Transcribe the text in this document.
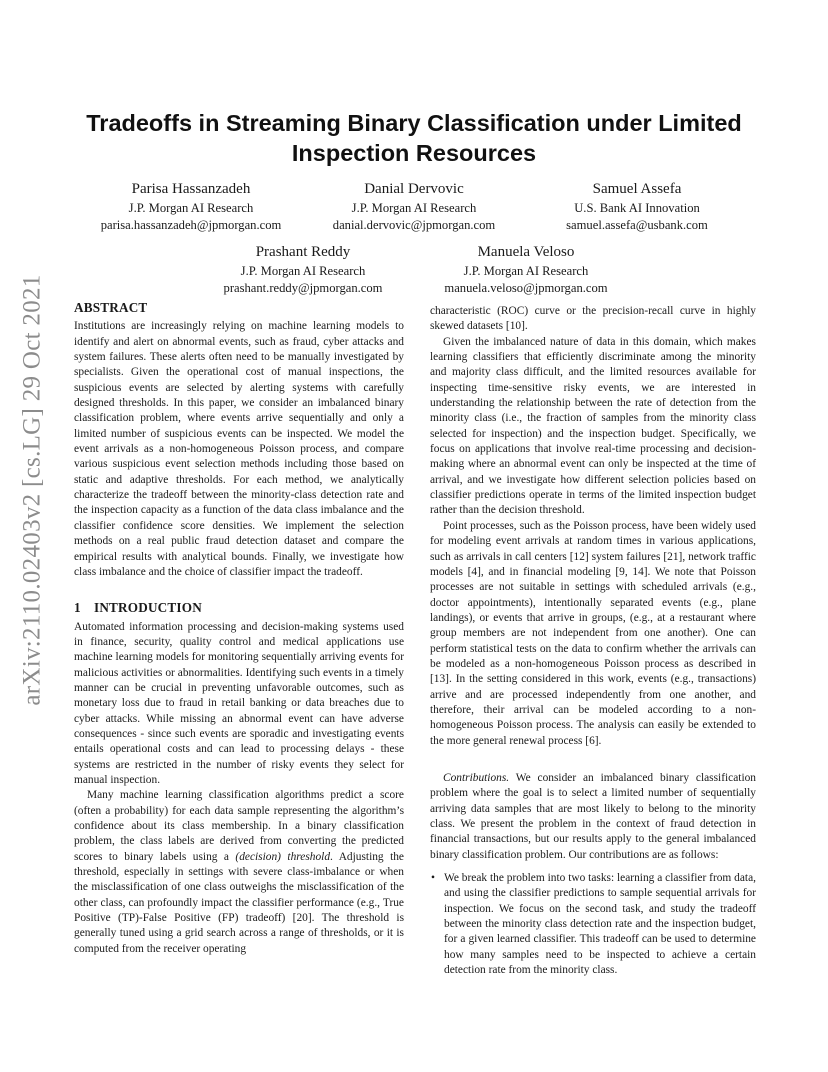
arXiv:2110.02403v2 [cs.LG] 29 Oct 2021
Tradeoffs in Streaming Binary Classification under Limited
Inspection Resources
Parisa Hassanzadeh
J.P. Morgan AI Research
parisa.hassanzadeh@jpmorgan.com
Danial Dervovic
J.P. Morgan AI Research
danial.dervovic@jpmorgan.com
Samuel Assefa
U.S. Bank AI Innovation
samuel.assefa@usbank.com
Prashant Reddy
J.P. Morgan AI Research
prashant.reddy@jpmorgan.com
Manuela Veloso
J.P. Morgan AI Research
manuela.veloso@jpmorgan.com
ABSTRACT

Institutions are increasingly relying on machine learning models to identify and alert on abnormal events, such as fraud, cyber attacks and system failures. These alerts often need to be manually investigated by specialists. Given the operational cost of manual inspections, the suspicious events are selected by alerting systems with carefully designed thresholds. In this paper, we consider an imbalanced binary classification problem, where events arrive sequentially and only a limited number of suspicious events can be inspected. We model the event arrivals as a non-homogeneous Poisson process, and compare various suspicious event selection methods including those based on static and adaptive thresholds. For each method, we analytically characterize the tradeoff between the minority-class detection rate and the inspection capacity as a function of the data class imbalance and the classifier confidence score densities. We implement the selection methods on a real public fraud detection dataset and compare the empirical results with analytical bounds. Finally, we investigate how class imbalance and the choice of classifier impact the tradeoff.

1 INTRODUCTION

Automated information processing and decision-making systems used in finance, security, quality control and medical applications use machine learning models for monitoring sequentially arriving events for malicious activities or abnormalities. Identifying such events in a timely manner can be crucial in preventing unfavorable outcomes, such as monetary loss due to fraud in retail banking or data breaches due to cyber attacks. While missing an abnormal event can have adverse consequences - since such events are sporadic and investigating events entails operational costs and can lead to processing delays - these systems are restricted in the number of risky events they select for manual inspection.

Many machine learning classification algorithms predict a score (often a probability) for each data sample representing the algorithm’s confidence about its class membership. In a binary classification problem, the class labels are derived from converting the predicted scores to binary labels using a (decision) threshold. Adjusting the threshold, especially in settings with severe class-imbalance or when the misclassification of one class outweighs the misclassification of the other class, can profoundly impact the classifier performance (e.g., True Positive (TP)-False Positive (FP) tradeoff) [20]. The threshold is generally tuned using a grid search across a range of thresholds, or it is computed from the receiver operating

characteristic (ROC) curve or the precision-recall curve in highly skewed datasets [10].

Given the imbalanced nature of data in this domain, which makes learning classifiers that efficiently discriminate among the minority and majority class difficult, and the limited resources available for inspecting time-sensitive risky events, we are interested in understanding the relationship between the rate of detection from the minority class (i.e., the fraction of samples from the minority class selected for inspection) and the inspection budget. Specifically, we focus on applications that involve real-time processing and decision-making where an abnormal event can only be inspected at the time of arrival, and we investigate how different selection policies based on classifier predictions operate in terms of the limited inspection budget rather than the decision threshold.

Point processes, such as the Poisson process, have been widely used for modeling event arrivals at random times in various applications, such as arrivals in call centers [12] system failures [21], network traffic models [4], and in financial modeling [9, 14]. We note that Poisson processes are not suitable in settings with scheduled arrivals (e.g., doctor appointments), intentionally separated events (e.g., plane landings), or events that arrive in groups, (e.g., at a restaurant where group members are not independent from one another). One can perform statistical tests on the data to confirm whether the arrivals can be modeled as a non-homogeneous Poisson process as described in [13]. In the setting considered in this work, events (e.g., transactions) arrive and are processed independently from one another, and therefore, their arrival can be modeled according to a non-homogeneous Poisson process. The analysis can easily be extended to the more general renewal process [6].

Contributions. We consider an imbalanced binary classification problem where the goal is to select a limited number of sequentially arriving data samples that are most likely to belong to the minority class. We present the problem in the context of fraud detection in financial transactions, but our results apply to the general imbalanced binary classification problem. Our contributions are as follows:

• We break the problem into two tasks: learning a classifier from data, and using the classifier predictions to sample sequential arrivals for inspection. We focus on the second task, and study the tradeoff between the minority class detection rate and the inspection budget, for a given learned classifier. This tradeoff can be used to determine how many samples need to be inspected to achieve a certain detection rate from the minority class.
